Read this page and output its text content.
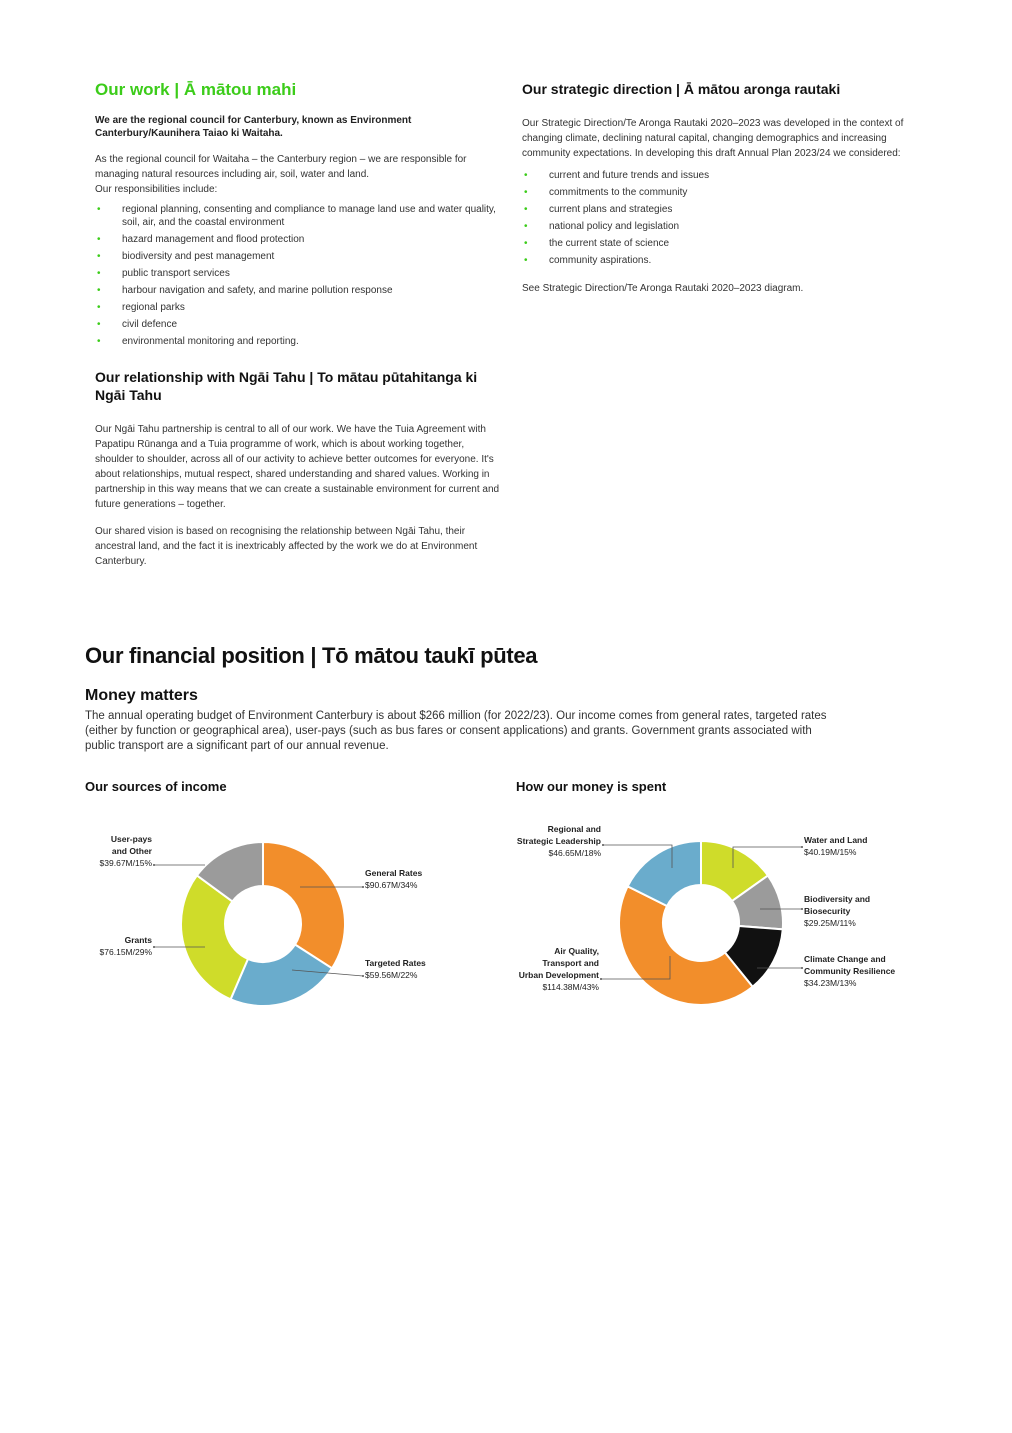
Our work | Ā mātou mahi

We are the regional council for Canterbury, known as Environment Canterbury/Kaunihera Taiao ki Waitaha.

As the regional council for Waitaha – the Canterbury region – we are responsible for managing natural resources including air, soil, water and land.

Our responsibilities include:

• regional planning, consenting and compliance to manage land use and water quality, soil, air, and the coastal environment
• hazard management and flood protection
• biodiversity and pest management
• public transport services
• harbour navigation and safety, and marine pollution response
• regional parks
• civil defence
• environmental monitoring and reporting.
Our relationship with Ngāi Tahu | To mātau pūtahitanga ki Ngāi Tahu

Our Ngāi Tahu partnership is central to all of our work. We have the Tuia Agreement with Papatipu Rūnanga and a Tuia programme of work, which is about working together, shoulder to shoulder, across all of our activity to achieve better outcomes for everyone. It's about relationships, mutual respect, shared understanding and shared values. Working in partnership in this way means that we can create a sustainable environment for current and future generations – together.

Our shared vision is based on recognising the relationship between Ngāi Tahu, their ancestral land, and the fact it is inextricably affected by the work we do at Environment Canterbury.

Our strategic direction | Ā mātou aronga rautaki

Our Strategic Direction/Te Aronga Rautaki 2020–2023 was developed in the context of changing climate, declining natural capital, changing demographics and increasing community expectations. In developing this draft Annual Plan 2023/24 we considered:

• current and future trends and issues
• commitments to the community
• current plans and strategies
• national policy and legislation
• the current state of science
• community aspirations.

See Strategic Direction/Te Aronga Rautaki 2020–2023 diagram.

Our financial position | Tō mātou taukī pūtea
Money matters

The annual operating budget of Environment Canterbury is about $266 million (for 2022/23). Our income comes from general rates, targeted rates (either by function or geographical area), user-pays (such as bus fares or consent applications) and grants. Government grants associated with public transport are a significant part of our annual revenue.

Our sources of income	How our money is spent
General Rates $90.67M/34%
Targeted Rates $59.56M/22%
Grants $76.15M/29%
User-pays and Other $39.67M/15%
Water and Land $40.19M/15%
Biodiversity and Biosecurity $29.25M/11%
Climate Change and Community Resilience $34.23M/13%
Air Quality, Transport and Urban Development $114.38M/43%
Regional and Strategic Leadership $46.65M/18%
